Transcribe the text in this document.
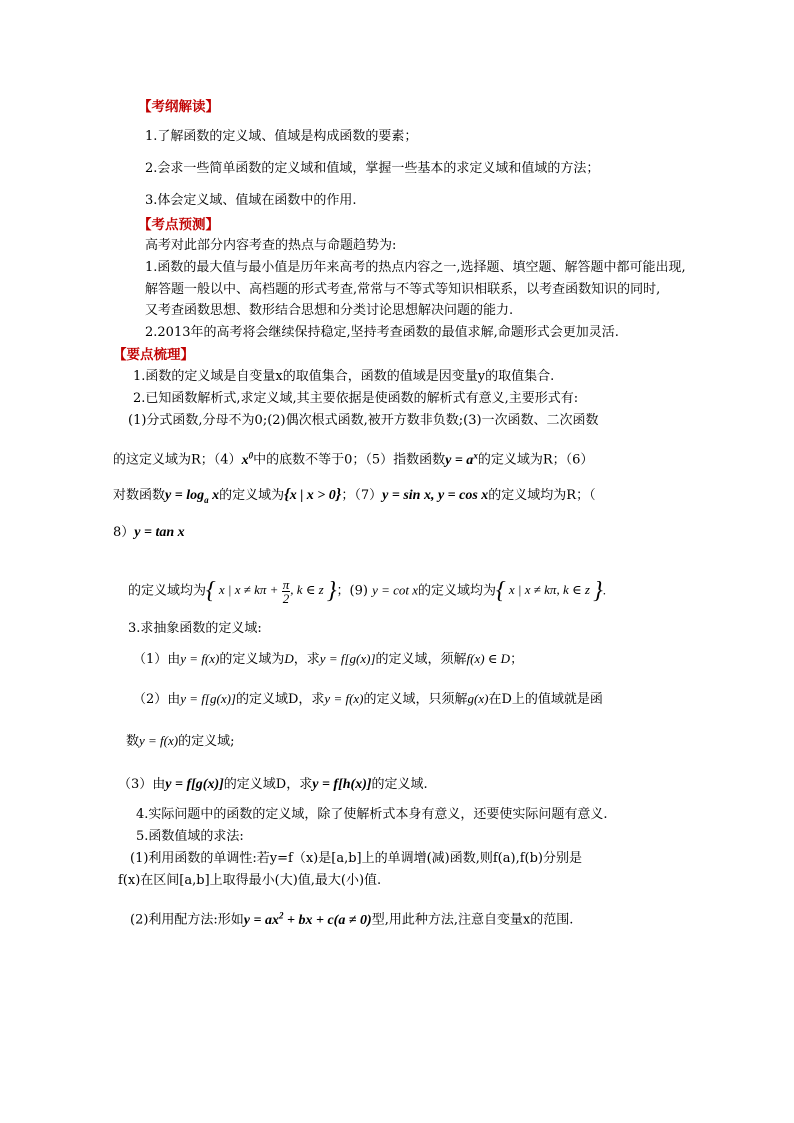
【考纲解读】
1.了解函数的定义域、值域是构成函数的要素；
2.会求一些简单函数的定义域和值域，掌握一些基本的求定义域和值域的方法；
3.体会定义域、值域在函数中的作用.
【考点预测】
高考对此部分内容考查的热点与命题趋势为:
1.函数的最大值与最小值是历年来高考的热点内容之一,选择题、填空题、解答题中都可能出现,
解答题一般以中、高档题的形式考查,常常与不等式等知识相联系，以考查函数知识的同时,
又考查函数思想、数形结合思想和分类讨论思想解决问题的能力.
2.2013年的高考将会继续保持稳定,坚持考查函数的最值求解,命题形式会更加灵活.
【要点梳理】
1.函数的定义域是自变量x的取值集合，函数的值域是因变量y的取值集合.
2.已知函数解析式,求定义域,其主要依据是使函数的解析式有意义,主要形式有:
(1)分式函数,分母不为0;(2)偶次根式函数,被开方数非负数;(3)一次函数、二次函数
的这定义域为R；$(4)x^0$中的底数不等于0；（5）指数函数$y = a^x$的定义域为R；（6）
对数函数$y = \log_a x$的定义域为{x | x > 0}；（7）y = sin x, y = cos x的定义域均为R；（
8）y = tan x
的定义域均为{ x | $x \ne k\pi + \frac{\pi}{2}$ , k ∈ z }；(9) y = cot x的定义域均为{ x | x ≠ kπ, k ∈ z }.
3.求抽象函数的定义域:
（1）由y = f(x)的定义域为D，求y = f[g(x)]的定义域，须解f(x) ∈ D；
（2）由y = f[g(x)]的定义域D，求y = f(x)的定义域，只须解g(x)在D上的值域就是函
数y = f(x)的定义域;
（3）由y = f[g(x)]的定义域D，求y = f[h(x)]的定义域.
4.实际问题中的函数的定义域，除了使解析式本身有意义，还要使实际问题有意义.
5.函数值域的求法:
(1)利用函数的单调性:若y=f（x)是[a,b]上的单调增(减)函数,则f(a),f(b)分别是
f(x)在区间[a,b]上取得最小(大)值,最大(小)值.
(2)利用配方法:形如$y = ax^2$ + bx + c(a ≠ 0)型,用此种方法,注意自变量x的范围.
